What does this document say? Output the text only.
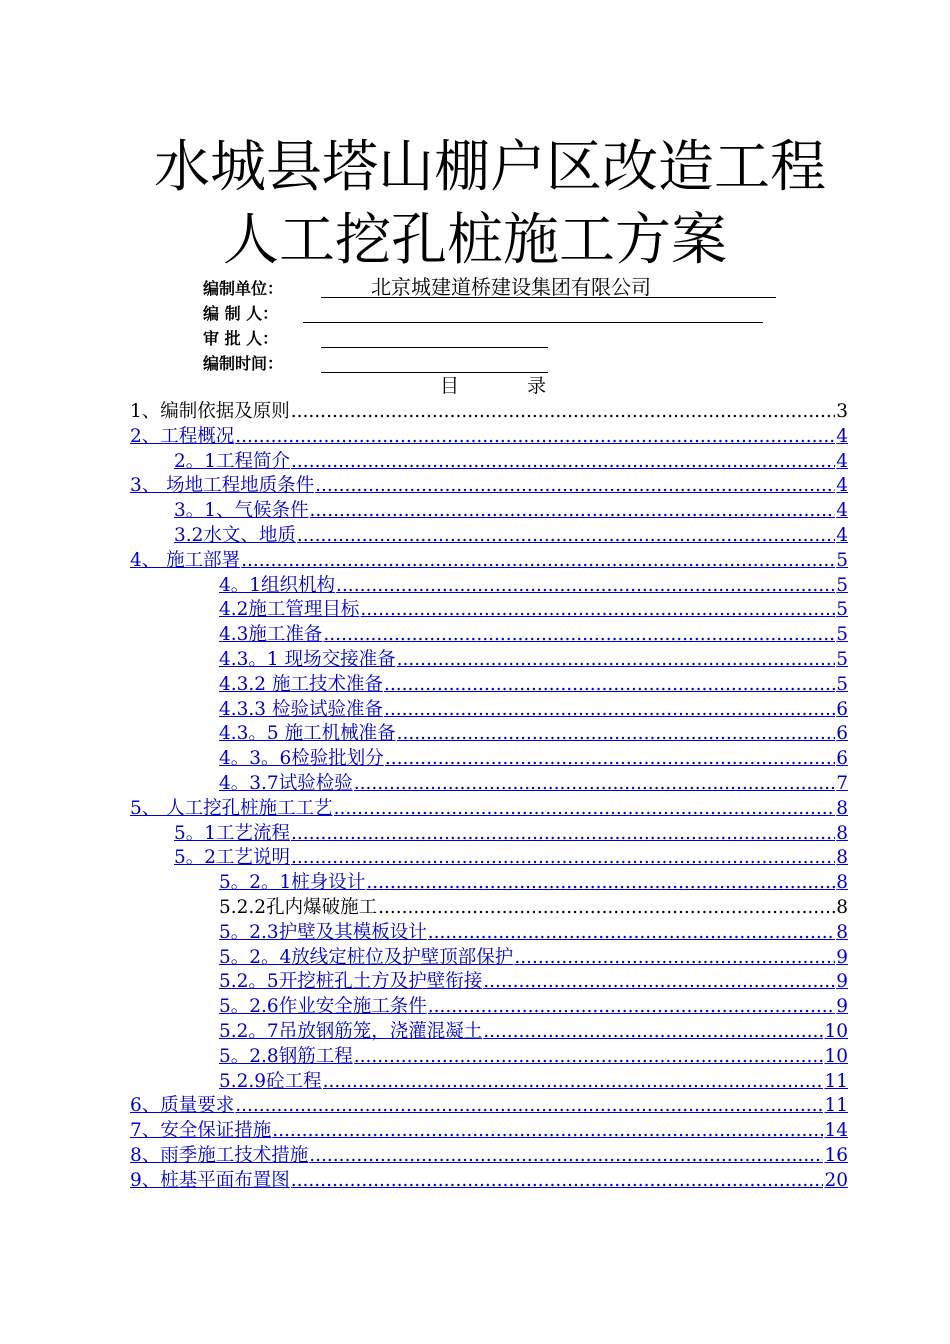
水城县塔山棚户区改造工程
人工挖孔桩施工方案
编制单位：	北京城建道桥建设集团有限公司
编 制 人：
审 批 人：
编制时间：
目	录
1、编制依据及原则 .....	3
2、工程概况 .....	4
2。1工程简介 .....	4
3、 场地工程地质条件 .....	4
3。1、气候条件 .....	4
3.2水文、地质 .....	4
4、 施工部署 .....	5
4。1组织机构 .....	5
4.2施工管理目标 .....	5
4.3施工准备 .....	5
4.3。1 现场交接准备 .....	5
4.3.2 施工技术准备 .....	5
4.3.3 检验试验准备 .....	6
4.3。5 施工机械准备 .....	6
4。3。6检验批划分 .....	6
4。3.7试验检验 .....	7
5、 人工挖孔桩施工工艺 .....	8
5。1工艺流程 .....	8
5。2工艺说明 .....	8
5。2。1桩身设计 .....	8
5.2.2孔内爆破施工 .....	8
5。2.3护壁及其模板设计 .....	8
5。2。4放线定桩位及护壁顶部保护 .....	9
5.2。5开挖桩孔土方及护壁衔接 .....	9
5。2.6作业安全施工条件 .....	9
5.2。7吊放钢筋笼，浇灌混凝土 .....	10
5。2.8钢筋工程 .....	10
5.2.9砼工程 .....	11
6、质量要求 .....	11
7、安全保证措施 .....	14
8、雨季施工技术措施 .....	16
9、桩基平面布置图 .....	20
